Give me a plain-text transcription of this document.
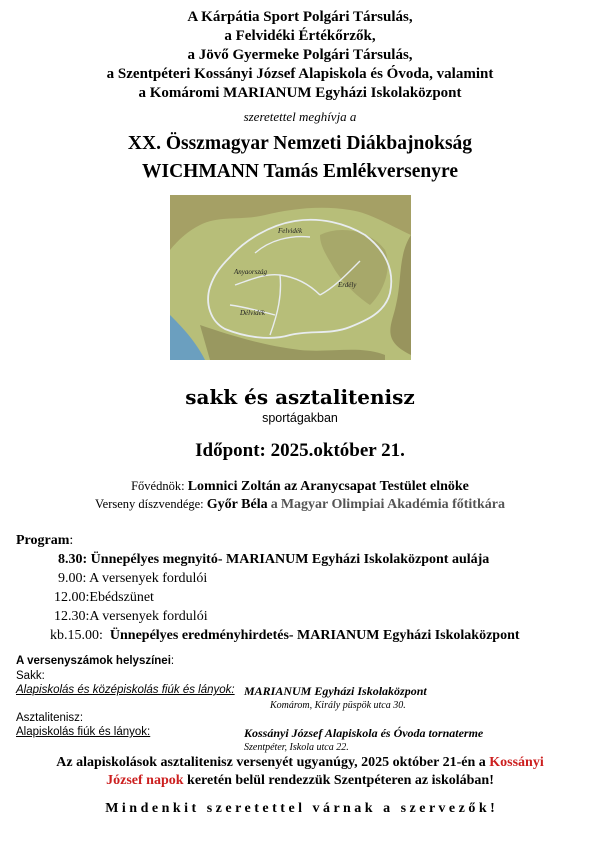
A Kárpátia Sport Polgári Társulás,
a Felvidéki Értékőrzők,
a Jövő Gyermeke Polgári Társulás,
a Szentpéteri Kossányi József Alapiskola és Óvoda, valamint
a Komáromi MARIANUM Egyházi Iskolaközpont
szeretettel meghívja a
XX. Összmagyar Nemzeti Diákbajnokság
WICHMANN Tamás Emlékversenyre
Felvidék
Anyaország
Erdély
Délvidék
sakk és asztalitenisz
sportágakban
Időpont: 2025.október 21.
Fővédnök: Lomnici Zoltán az Aranycsapat Testület elnöke
Verseny díszvendége: Győr Béla a Magyar Olimpiai Akadémia főtitkára
Program:
8.30: Ünnepélyes megnyitó- MARIANUM Egyházi Iskolaközpont aulája
9.00: A versenyek fordulói
12.00:Ebédszünet
12.30:A versenyek fordulói
kb.15.00: Ünnepélyes eredményhirdetés- MARIANUM Egyházi Iskolaközpont
A versenyszámok helyszínei:
Sakk:
Alapiskolás és középiskolás fiúk és lányok: MARIANUM Egyházi Iskolaközpont
Komárom, Király püspök utca 30.
Asztalitenisz:
Alapiskolás fiúk és lányok:	Kossányi József Alapiskola és Óvoda tornaterme
Szentpéter, Iskola utca 22.
Az alapiskolások asztalitenisz versenyét ugyanúgy, 2025 október 21-én a Kossányi
József napok keretén belül rendezzük Szentpéteren az iskolában!
M i n d e n k i t   s z e r e t e t t e l   v á r n a k   a   s z e r v e z ő k !
